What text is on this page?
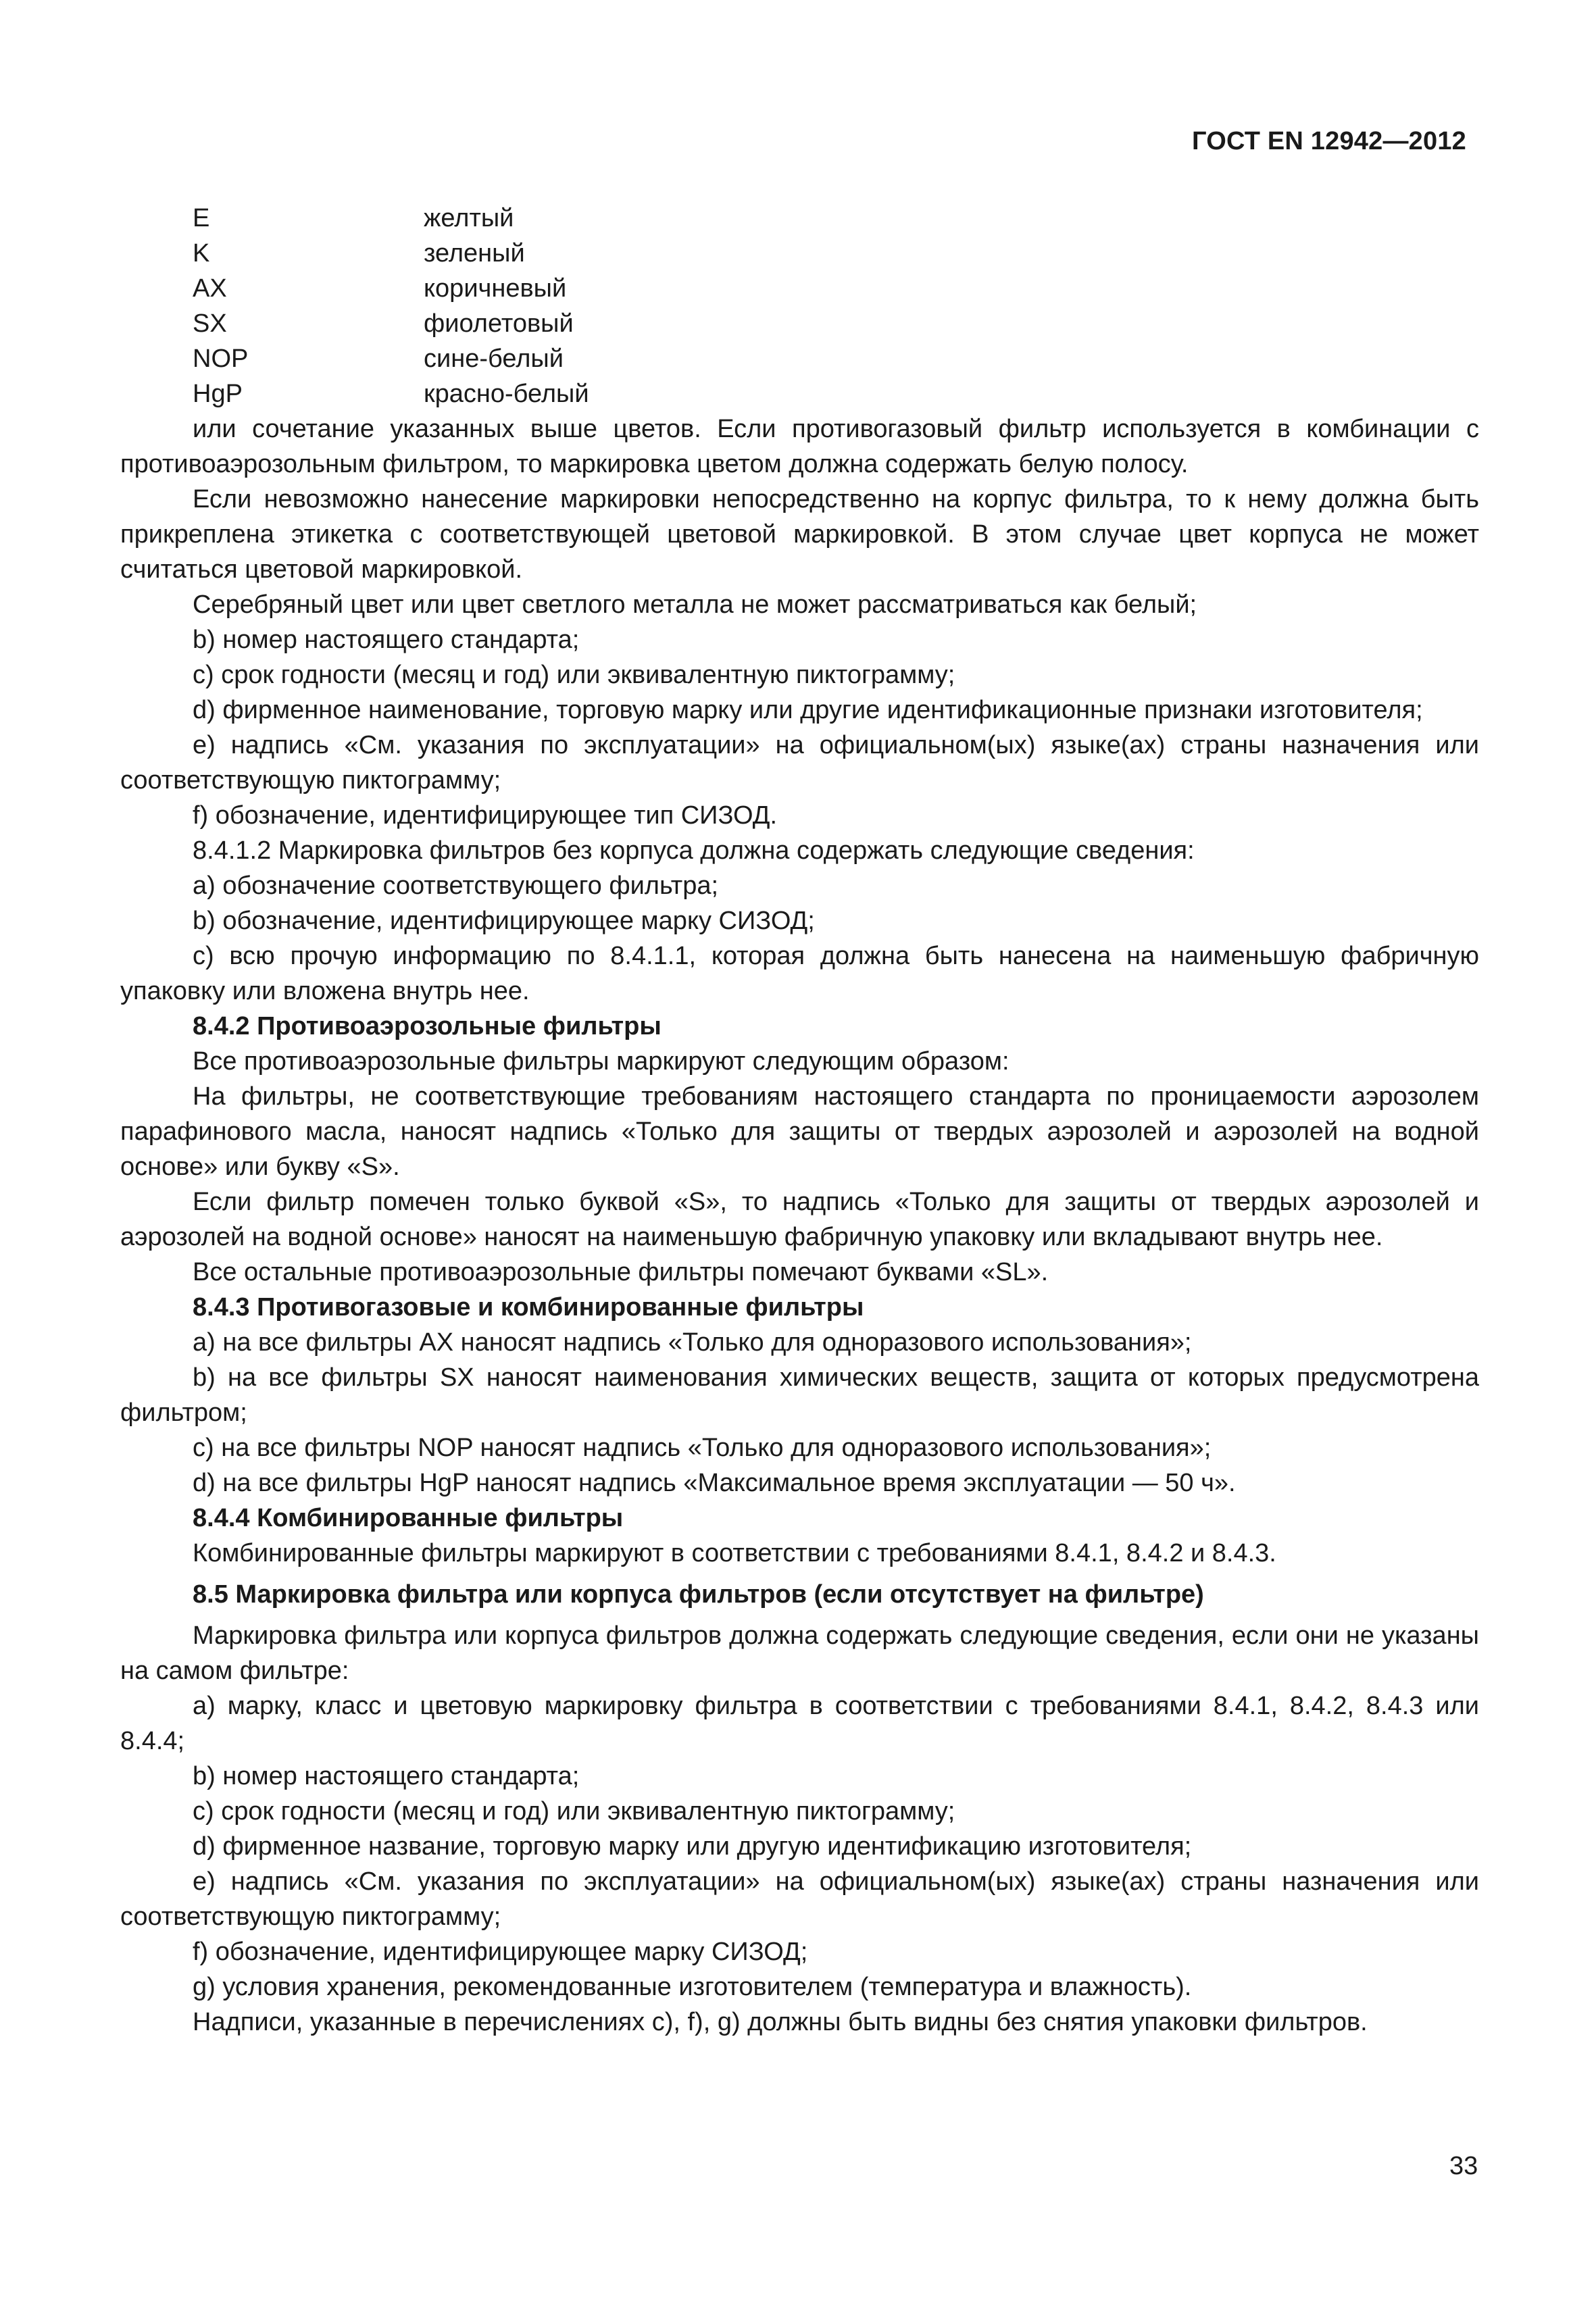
ГОСТ EN 12942—2012
E	желтый
K	зеленый
AX	коричневый
SX	фиолетовый
NOP	сине-белый
HgP	красно-белый

или сочетание указанных выше цветов. Если противогазовый фильтр используется в комбинации с противоаэрозольным фильтром, то маркировка цветом должна содержать белую полосу.

Если невозможно нанесение маркировки непосредственно на корпус фильтра, то к нему должна быть прикреплена этикетка с соответствующей цветовой маркировкой. В этом случае цвет корпуса не может считаться цветовой маркировкой.

Серебряный цвет или цвет светлого металла не может рассматриваться как белый;

b) номер настоящего стандарта;

c) срок годности (месяц и год) или эквивалентную пиктограмму;

d) фирменное наименование, торговую марку или другие идентификационные признаки изготовителя;

e) надпись «См. указания по эксплуатации» на официальном(ых) языке(ах) страны назначения или соответствующую пиктограмму;

f) обозначение, идентифицирующее тип СИЗОД.

8.4.1.2 Маркировка фильтров без корпуса должна содержать следующие сведения:

a) обозначение соответствующего фильтра;

b) обозначение, идентифицирующее марку СИЗОД;

c) всю прочую информацию по 8.4.1.1, которая должна быть нанесена на наименьшую фабричную упаковку или вложена внутрь нее.

8.4.2 Противоаэрозольные фильтры

Все противоаэрозольные фильтры маркируют следующим образом:

На фильтры, не соответствующие требованиям настоящего стандарта по проницаемости аэрозолем парафинового масла, наносят надпись «Только для защиты от твердых аэрозолей и аэрозолей на водной основе» или букву «S».

Если фильтр помечен только буквой «S», то надпись «Только для защиты от твердых аэрозолей и аэрозолей на водной основе» наносят на наименьшую фабричную упаковку или вкладывают внутрь нее.

Все остальные противоаэрозольные фильтры помечают буквами «SL».

8.4.3 Противогазовые и комбинированные фильтры

a) на все фильтры AX наносят надпись «Только для одноразового использования»;

b) на все фильтры SX наносят наименования химических веществ, защита от которых предусмотрена фильтром;

c) на все фильтры NOP наносят надпись «Только для одноразового использования»;

d) на все фильтры HgP наносят надпись «Максимальное время эксплуатации — 50 ч».

8.4.4 Комбинированные фильтры

Комбинированные фильтры маркируют в соответствии с требованиями 8.4.1, 8.4.2 и 8.4.3.

8.5 Маркировка фильтра или корпуса фильтров (если отсутствует на фильтре)

Маркировка фильтра или корпуса фильтров должна содержать следующие сведения, если они не указаны на самом фильтре:

a) марку, класс и цветовую маркировку фильтра в соответствии с требованиями 8.4.1, 8.4.2, 8.4.3 или 8.4.4;

b) номер настоящего стандарта;

c) срок годности (месяц и год) или эквивалентную пиктограмму;

d) фирменное название, торговую марку или другую идентификацию изготовителя;

e) надпись «См. указания по эксплуатации» на официальном(ых) языке(ах) страны назначения или соответствующую пиктограмму;

f) обозначение, идентифицирующее марку СИЗОД;

g) условия хранения, рекомендованные изготовителем (температура и влажность).

Надписи, указанные в перечислениях c), f), g) должны быть видны без снятия упаковки фильтров.

33
